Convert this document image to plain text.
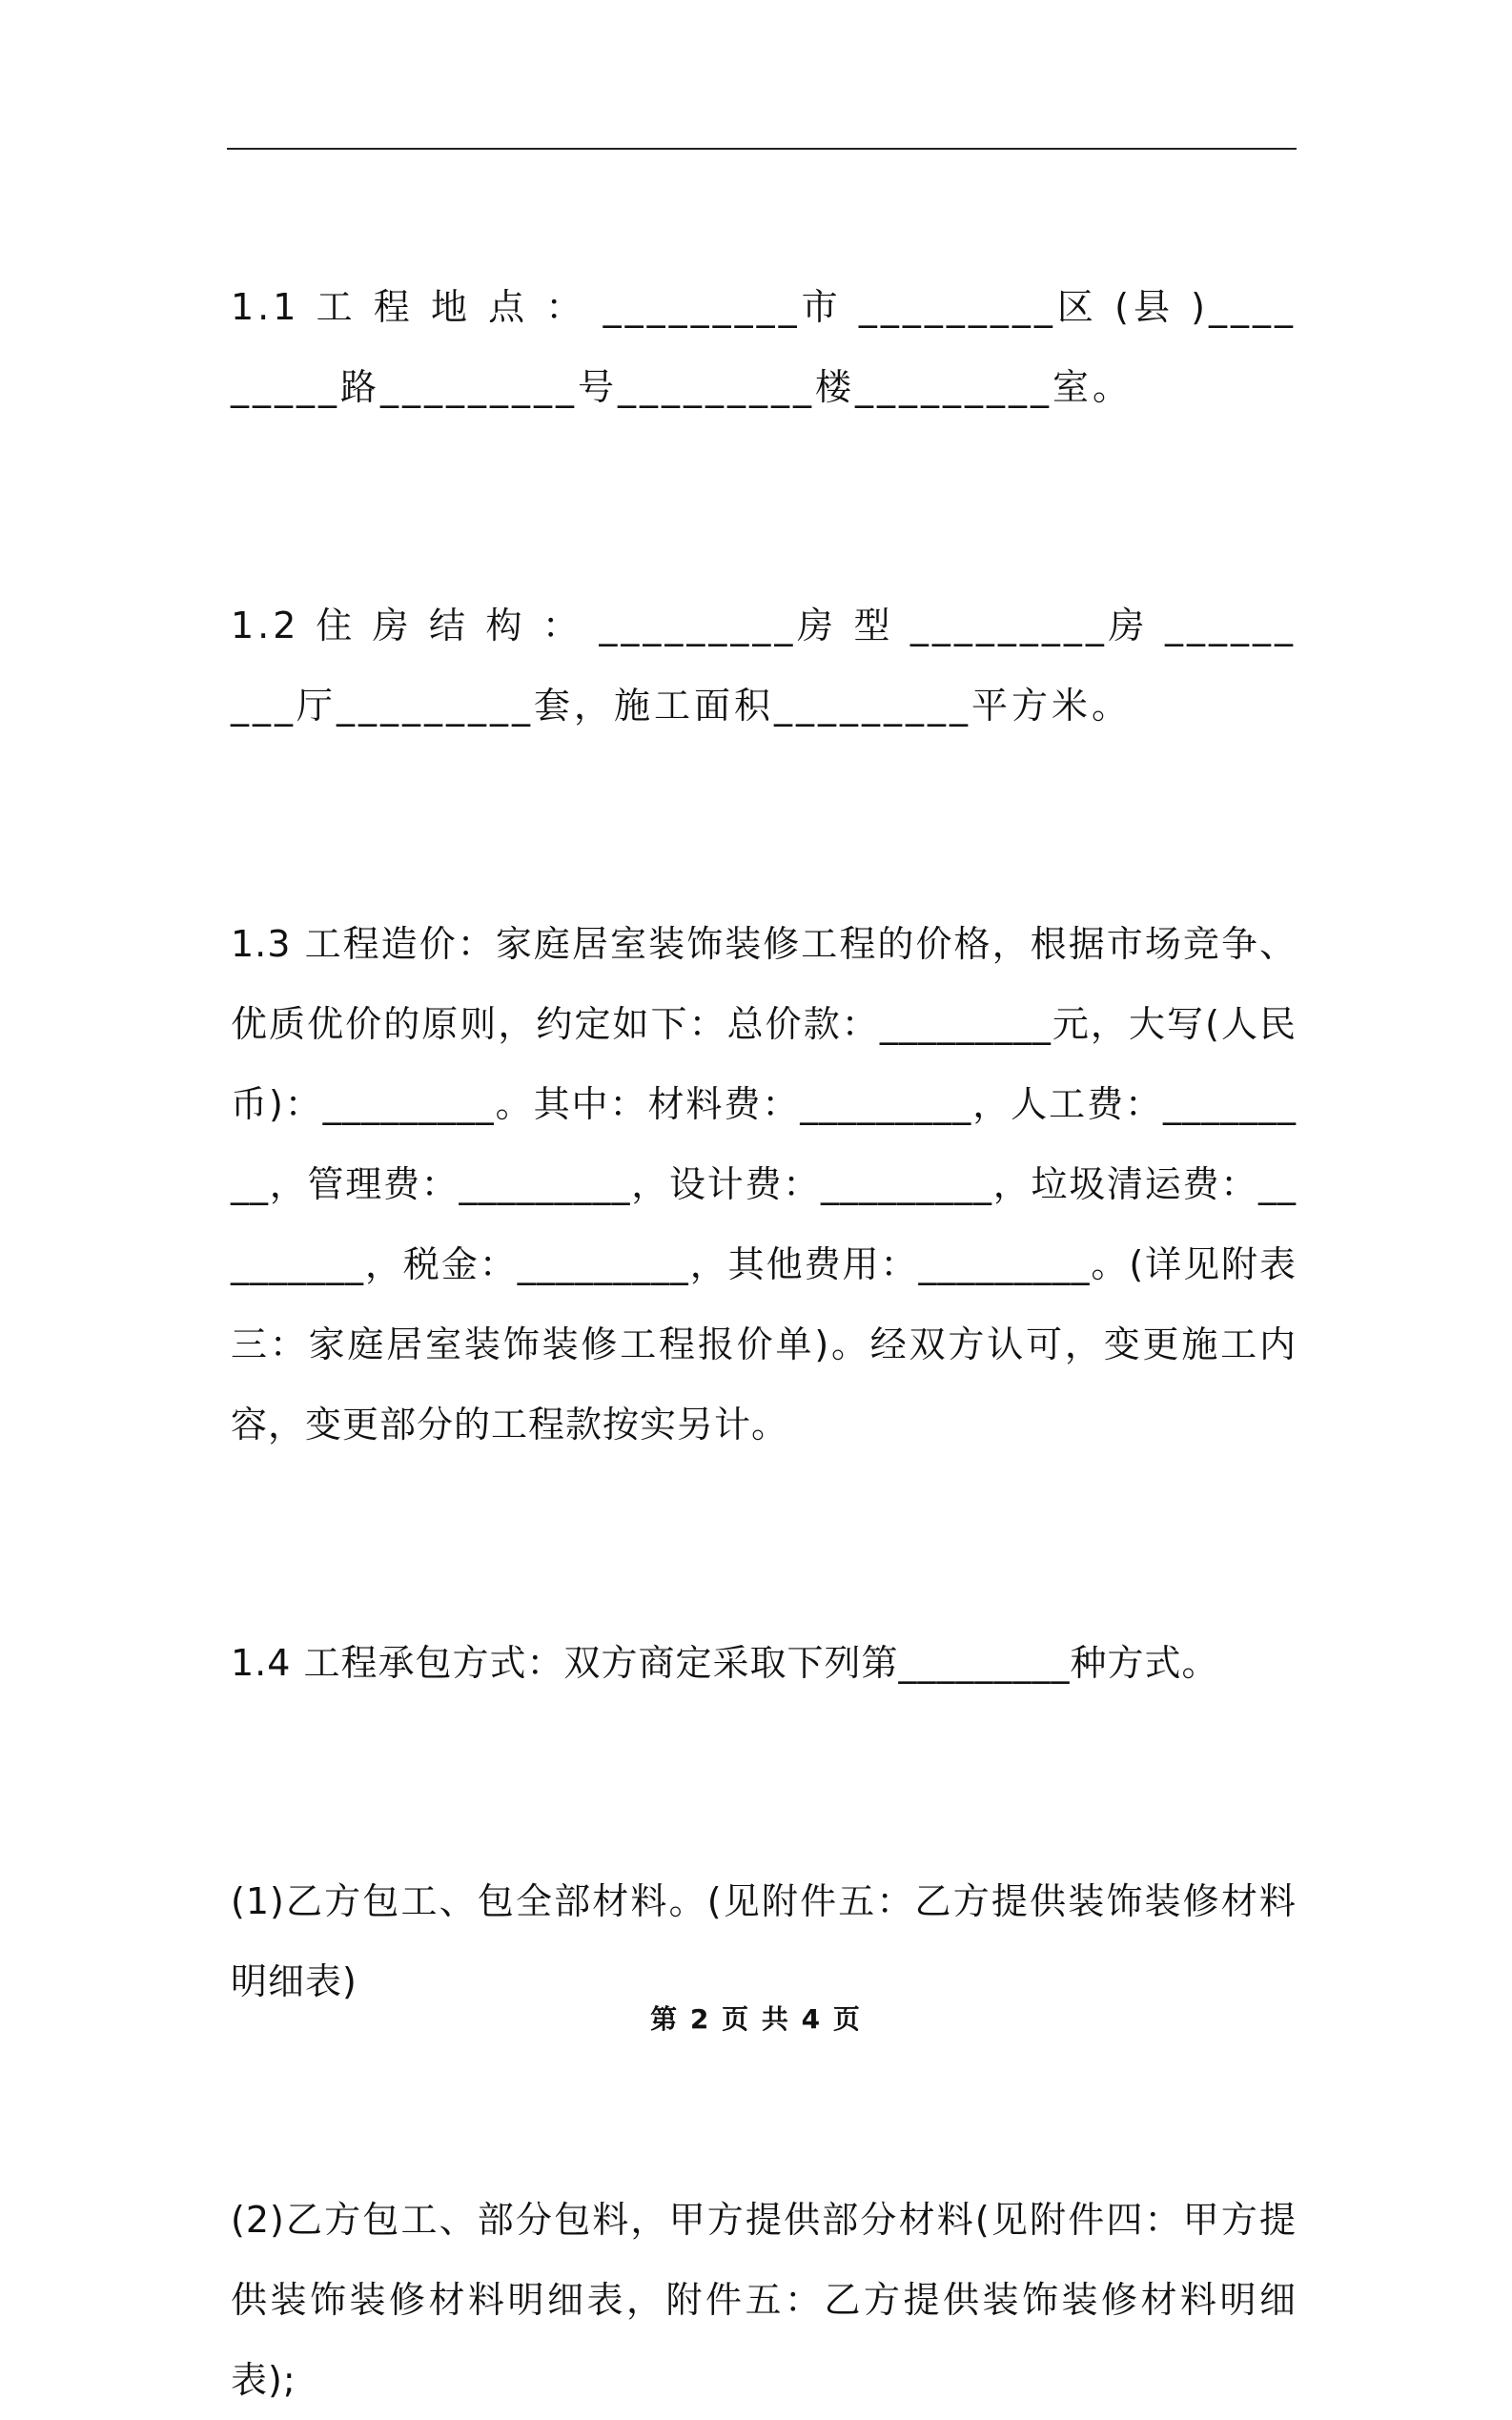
1.1 工 程 地 点 ： _________市 _________区 (县 )_________路_________号_________楼_________室。

1.2 住 房 结 构 ： _________房 型 _________房 _________厅_________套，施工面积_________平方米。

1.3 工程造价：家庭居室装饰装修工程的价格，根据市场竞争、优质优价的原则，约定如下：总价款：_________元，大写(人民币)：_________。其中：材料费：_________，人工费：_________，管理费：_________，设计费：_________，垃圾清运费：_________，税金：_________，其他费用：_________。(详见附表三：家庭居室装饰装修工程报价单)。经双方认可，变更施工内容，变更部分的工程款按实另计。

1.4 工程承包方式：双方商定采取下列第_________种方式。

(1)乙方包工、包全部材料。(见附件五：乙方提供装饰装修材料明细表)

(2)乙方包工、部分包料，甲方提供部分材料(见附件四：甲方提供装饰装修材料明细表，附件五：乙方提供装饰装修材料明细表);

第 2 页 共 4 页
